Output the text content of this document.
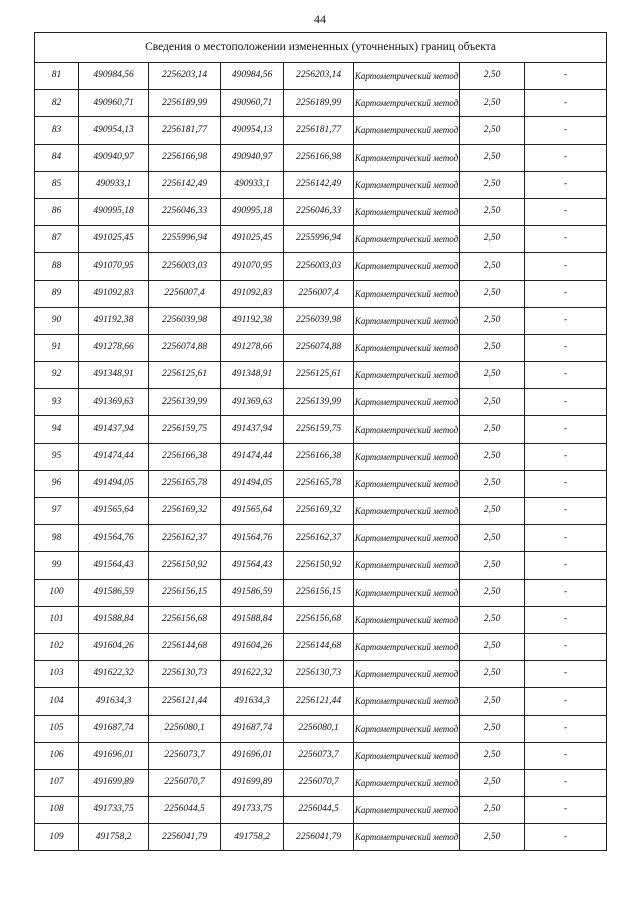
44
Сведения о местоположении измененных (уточненных) границ объекта							
81	490984,56	2256203,14	490984,56	2256203,14	Картометрический метод	2,50	-
82	490960,71	2256189,99	490960,71	2256189,99	Картометрический метод	2,50	-
83	490954,13	2256181,77	490954,13	2256181,77	Картометрический метод	2,50	-
84	490940,97	2256166,98	490940,97	2256166,98	Картометрический метод	2,50	-
85	490933,1	2256142,49	490933,1	2256142,49	Картометрический метод	2,50	-
86	490995,18	2256046,33	490995,18	2256046,33	Картометрический метод	2,50	-
87	491025,45	2255996,94	491025,45	2255996,94	Картометрический метод	2,50	-
88	491070,95	2256003,03	491070,95	2256003,03	Картометрический метод	2,50	-
89	491092,83	2256007,4	491092,83	2256007,4	Картометрический метод	2,50	-
90	491192,38	2256039,98	491192,38	2256039,98	Картометрический метод	2,50	-
91	491278,66	2256074,88	491278,66	2256074,88	Картометрический метод	2,50	-
92	491348,91	2256125,61	491348,91	2256125,61	Картометрический метод	2,50	-
93	491369,63	2256139,99	491369,63	2256139,99	Картометрический метод	2,50	-
94	491437,94	2256159,75	491437,94	2256159,75	Картометрический метод	2,50	-
95	491474,44	2256166,38	491474,44	2256166,38	Картометрический метод	2,50	-
96	491494,05	2256165,78	491494,05	2256165,78	Картометрический метод	2,50	-
97	491565,64	2256169,32	491565,64	2256169,32	Картометрический метод	2,50	-
98	491564,76	2256162,37	491564,76	2256162,37	Картометрический метод	2,50	-
99	491564,43	2256150,92	491564,43	2256150,92	Картометрический метод	2,50	-
100	491586,59	2256156,15	491586,59	2256156,15	Картометрический метод	2,50	-
101	491588,84	2256156,68	491588,84	2256156,68	Картометрический метод	2,50	-
102	491604,26	2256144,68	491604,26	2256144,68	Картометрический метод	2,50	-
103	491622,32	2256130,73	491622,32	2256130,73	Картометрический метод	2,50	-
104	491634,3	2256121,44	491634,3	2256121,44	Картометрический метод	2,50	-
105	491687,74	2256080,1	491687,74	2256080,1	Картометрический метод	2,50	-
106	491696,01	2256073,7	491696,01	2256073,7	Картометрический метод	2,50	-
107	491699,89	2256070,7	491699,89	2256070,7	Картометрический метод	2,50	-
108	491733,75	2256044,5	491733,75	2256044,5	Картометрический метод	2,50	-
109	491758,2	2256041,79	491758,2	2256041,79	Картометрический метод	2,50	-
